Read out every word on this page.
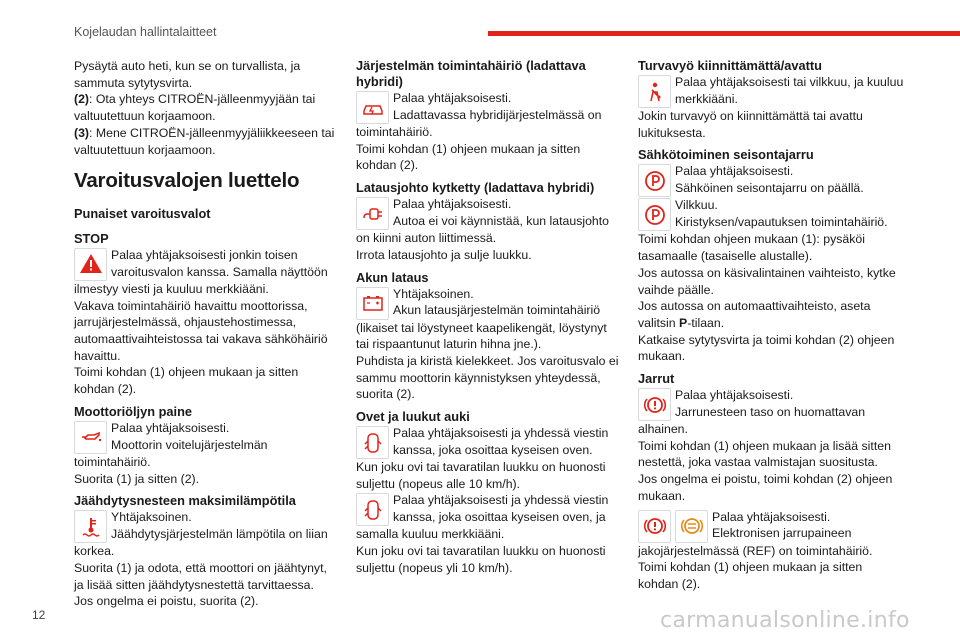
Kojelaudan hallintalaitteet

Pysäytä auto heti, kun se on turvallista, ja sammuta sytytysvirta.

(2): Ota yhteys CITROËN-jälleenmyyjään tai valtuutettuun korjaamoon.

(3): Mene CITROËN-jälleenmyyjäliikkeeseen tai valtuutettuun korjaamoon.

Varoitusvalojen luettelo
Punaiset varoitusvalot
STOP
Palaa yhtäjaksoisesti jonkin toisen
varoitusvalon kanssa. Samalla näyttöön

ilmestyy viesti ja kuuluu merkkiääni.
Vakava toimintahäiriö havaittu moottorissa, jarrujärjestelmässä, ohjaustehostimessa, automaattivaihteistossa tai vakava sähköhäiriö havaittu.
Toimi kohdan (1) ohjeen mukaan ja sitten kohdan (2).

Moottoriöljyn paine
Palaa yhtäjaksoisesti.
Moottorin voitelujärjestelmän

toimintahäiriö.
Suorita (1) ja sitten (2).

Jäähdytysnesteen maksimilämpötila
Yhtäjaksoinen.
Jäähdytysjärjestelmän lämpötila on liian

korkea.
Suorita (1) ja odota, että moottori on jäähtynyt, ja lisää sitten jäähdytysnestettä tarvittaessa. Jos ongelma ei poistu, suorita (2).

Järjestelmän toimintahäiriö (ladattava hybridi)
Palaa yhtäjaksoisesti.
Ladattavassa hybridijärjestelmässä on

toimintahäiriö.
Toimi kohdan (1) ohjeen mukaan ja sitten kohdan (2).

Latausjohto kytketty (ladattava hybridi)
Palaa yhtäjaksoisesti.
Autoa ei voi käynnistää, kun latausjohto

on kiinni auton liittimessä.
Irrota latausjohto ja sulje luukku.

Akun lataus
Yhtäjaksoinen.
Akun latausjärjestelmän toimintahäiriö

(likaiset tai löystyneet kaapelikengät, löystynyt tai rispaantunut laturin hihna jne.).
Puhdista ja kiristä kielekkeet. Jos varoitusvalo ei sammu moottorin käynnistyksen yhteydessä, suorita (2).

Ovet ja luukut auki
Palaa yhtäjaksoisesti ja yhdessä viestin
kanssa, joka osoittaa kyseisen oven.

Kun joku ovi tai tavaratilan luukku on huonosti suljettu (nopeus alle 10 km/h).

Palaa yhtäjaksoisesti ja yhdessä viestin
kanssa, joka osoittaa kyseisen oven, ja

samalla kuuluu merkkiääni.
Kun joku ovi tai tavaratilan luukku on huonosti suljettu (nopeus yli 10 km/h).

Turvavyö kiinnittämättä/avattu
Palaa yhtäjaksoisesti tai vilkkuu, ja kuuluu
merkkiääni.

Jokin turvavyö on kiinnittämättä tai avattu lukituksesta.

Sähkötoiminen seisontajarru
Palaa yhtäjaksoisesti.
Sähköinen seisontajarru on päällä.
Vilkkuu.
Kiristyksen/vapautuksen toimintahäiriö.

Toimi kohdan ohjeen mukaan (1): pysäköi tasamaalle (tasaiselle alustalle).
Jos autossa on käsivalintainen vaihteisto, kytke vaihde päälle.

Jos autossa on automaattivaihteisto, aseta valitsin P-tilaan.

Katkaise sytytysvirta ja toimi kohdan (2) ohjeen mukaan.

Jarrut
Palaa yhtäjaksoisesti.
Jarrunesteen taso on huomattavan

alhainen.
Toimi kohdan (1) ohjeen mukaan ja lisää sitten nestettä, joka vastaa valmistajan suositusta.
Jos ongelma ei poistu, toimi kohdan (2) ohjeen mukaan.

Palaa yhtäjaksoisesti.
Elektronisen jarrupaineen

jakojärjestelmässä (REF) on toimintahäiriö.
Toimi kohdan (1) ohjeen mukaan ja sitten kohdan (2).

12	carmanualsonline.info
